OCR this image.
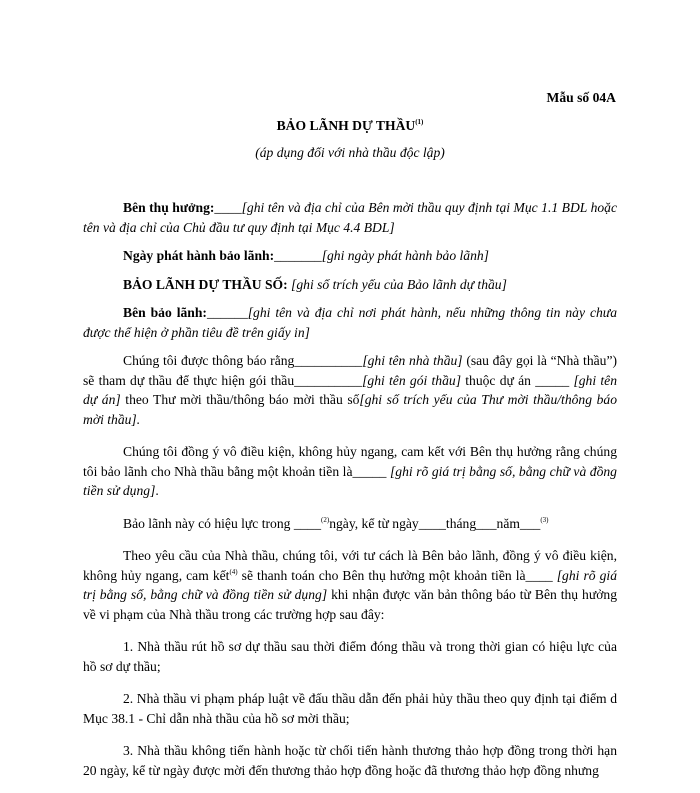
Mẫu số 04A
BẢO LÃNH DỰ THẦU$^{(1)}$
(áp dụng đối với nhà thầu độc lập)

Bên thụ hưởng:____[ghi tên và địa chỉ của Bên mời thầu quy định tại Mục 1.1 BDL hoặc tên và địa chỉ của Chủ đầu tư quy định tại Mục 4.4 BDL]

Ngày phát hành bảo lãnh:_______[ghi ngày phát hành bảo lãnh]

BẢO LÃNH DỰ THẦU SỐ: [ghi số trích yếu của Bảo lãnh dự thầu]

Bên bảo lãnh:______[ghi tên và địa chỉ nơi phát hành, nếu những thông tin này chưa được thể hiện ở phần tiêu đề trên giấy in]

Chúng tôi được thông báo rằng__________[ghi tên nhà thầu] (sau đây gọi là “Nhà thầu”) sẽ tham dự thầu để thực hiện gói thầu__________[ghi tên gói thầu] thuộc dự án _____ [ghi tên dự án] theo Thư mời thầu/thông báo mời thầu số[ghi số trích yếu của Thư mời thầu/thông báo mời thầu].

Chúng tôi đồng ý vô điều kiện, không hủy ngang, cam kết với Bên thụ hưởng rằng chúng tôi bảo lãnh cho Nhà thầu bằng một khoản tiền là_____ [ghi rõ giá trị bằng số, bằng chữ và đồng tiền sử dụng].

Bảo lãnh này có hiệu lực trong ____$^{(2)}$ngày, kể từ ngày____tháng___năm___$^{(3)}$

Theo yêu cầu của Nhà thầu, chúng tôi, với tư cách là Bên bảo lãnh, đồng ý vô điều kiện, không hủy ngang, cam kết$^{(4)}$ sẽ thanh toán cho Bên thụ hưởng một khoản tiền là____ [ghi rõ giá trị bằng số, bằng chữ và đồng tiền sử dụng] khi nhận được văn bản thông báo từ Bên thụ hưởng về vi phạm của Nhà thầu trong các trường hợp sau đây:

1. Nhà thầu rút hồ sơ dự thầu sau thời điểm đóng thầu và trong thời gian có hiệu lực của hồ sơ dự thầu;

2. Nhà thầu vi phạm pháp luật về đấu thầu dẫn đến phải hủy thầu theo quy định tại điểm d Mục 38.1 - Chỉ dẫn nhà thầu của hồ sơ mời thầu;

3. Nhà thầu không tiến hành hoặc từ chối tiến hành thương thảo hợp đồng trong thời hạn 20 ngày, kể từ ngày được mời đến thương thảo hợp đồng hoặc đã thương thảo hợp đồng nhưng
